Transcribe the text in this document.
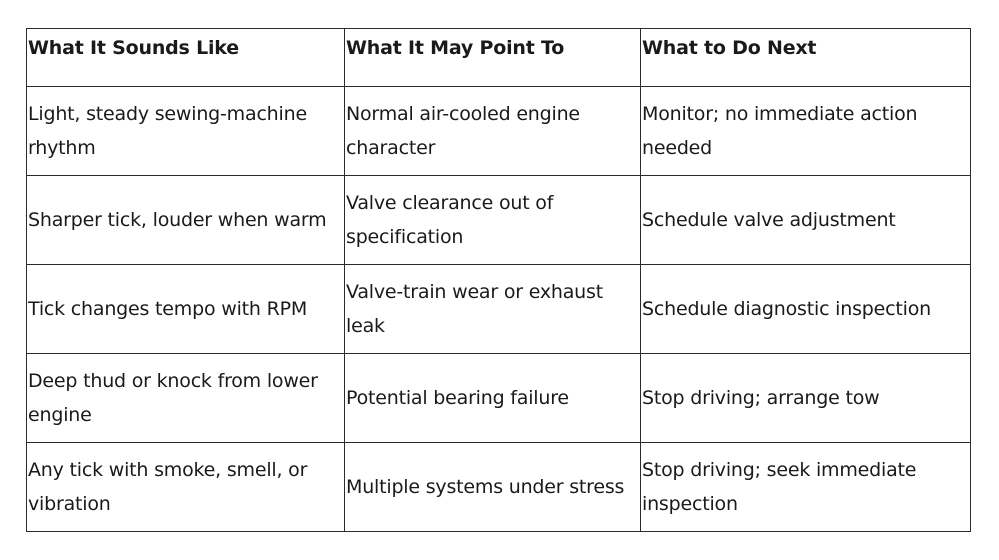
What It Sounds Like	What It May Point To	What to Do Next
Light, steady sewing-machine rhythm	Normal air-cooled engine character	Monitor; no immediate action needed
Sharper tick, louder when warm	Valve clearance out of specification	Schedule valve adjustment
Tick changes tempo with RPM	Valve-train wear or exhaust leak	Schedule diagnostic inspection
Deep thud or knock from lower engine	Potential bearing failure	Stop driving; arrange tow
Any tick with smoke, smell, or vibration	Multiple systems under stress	Stop driving; seek immediate inspection
